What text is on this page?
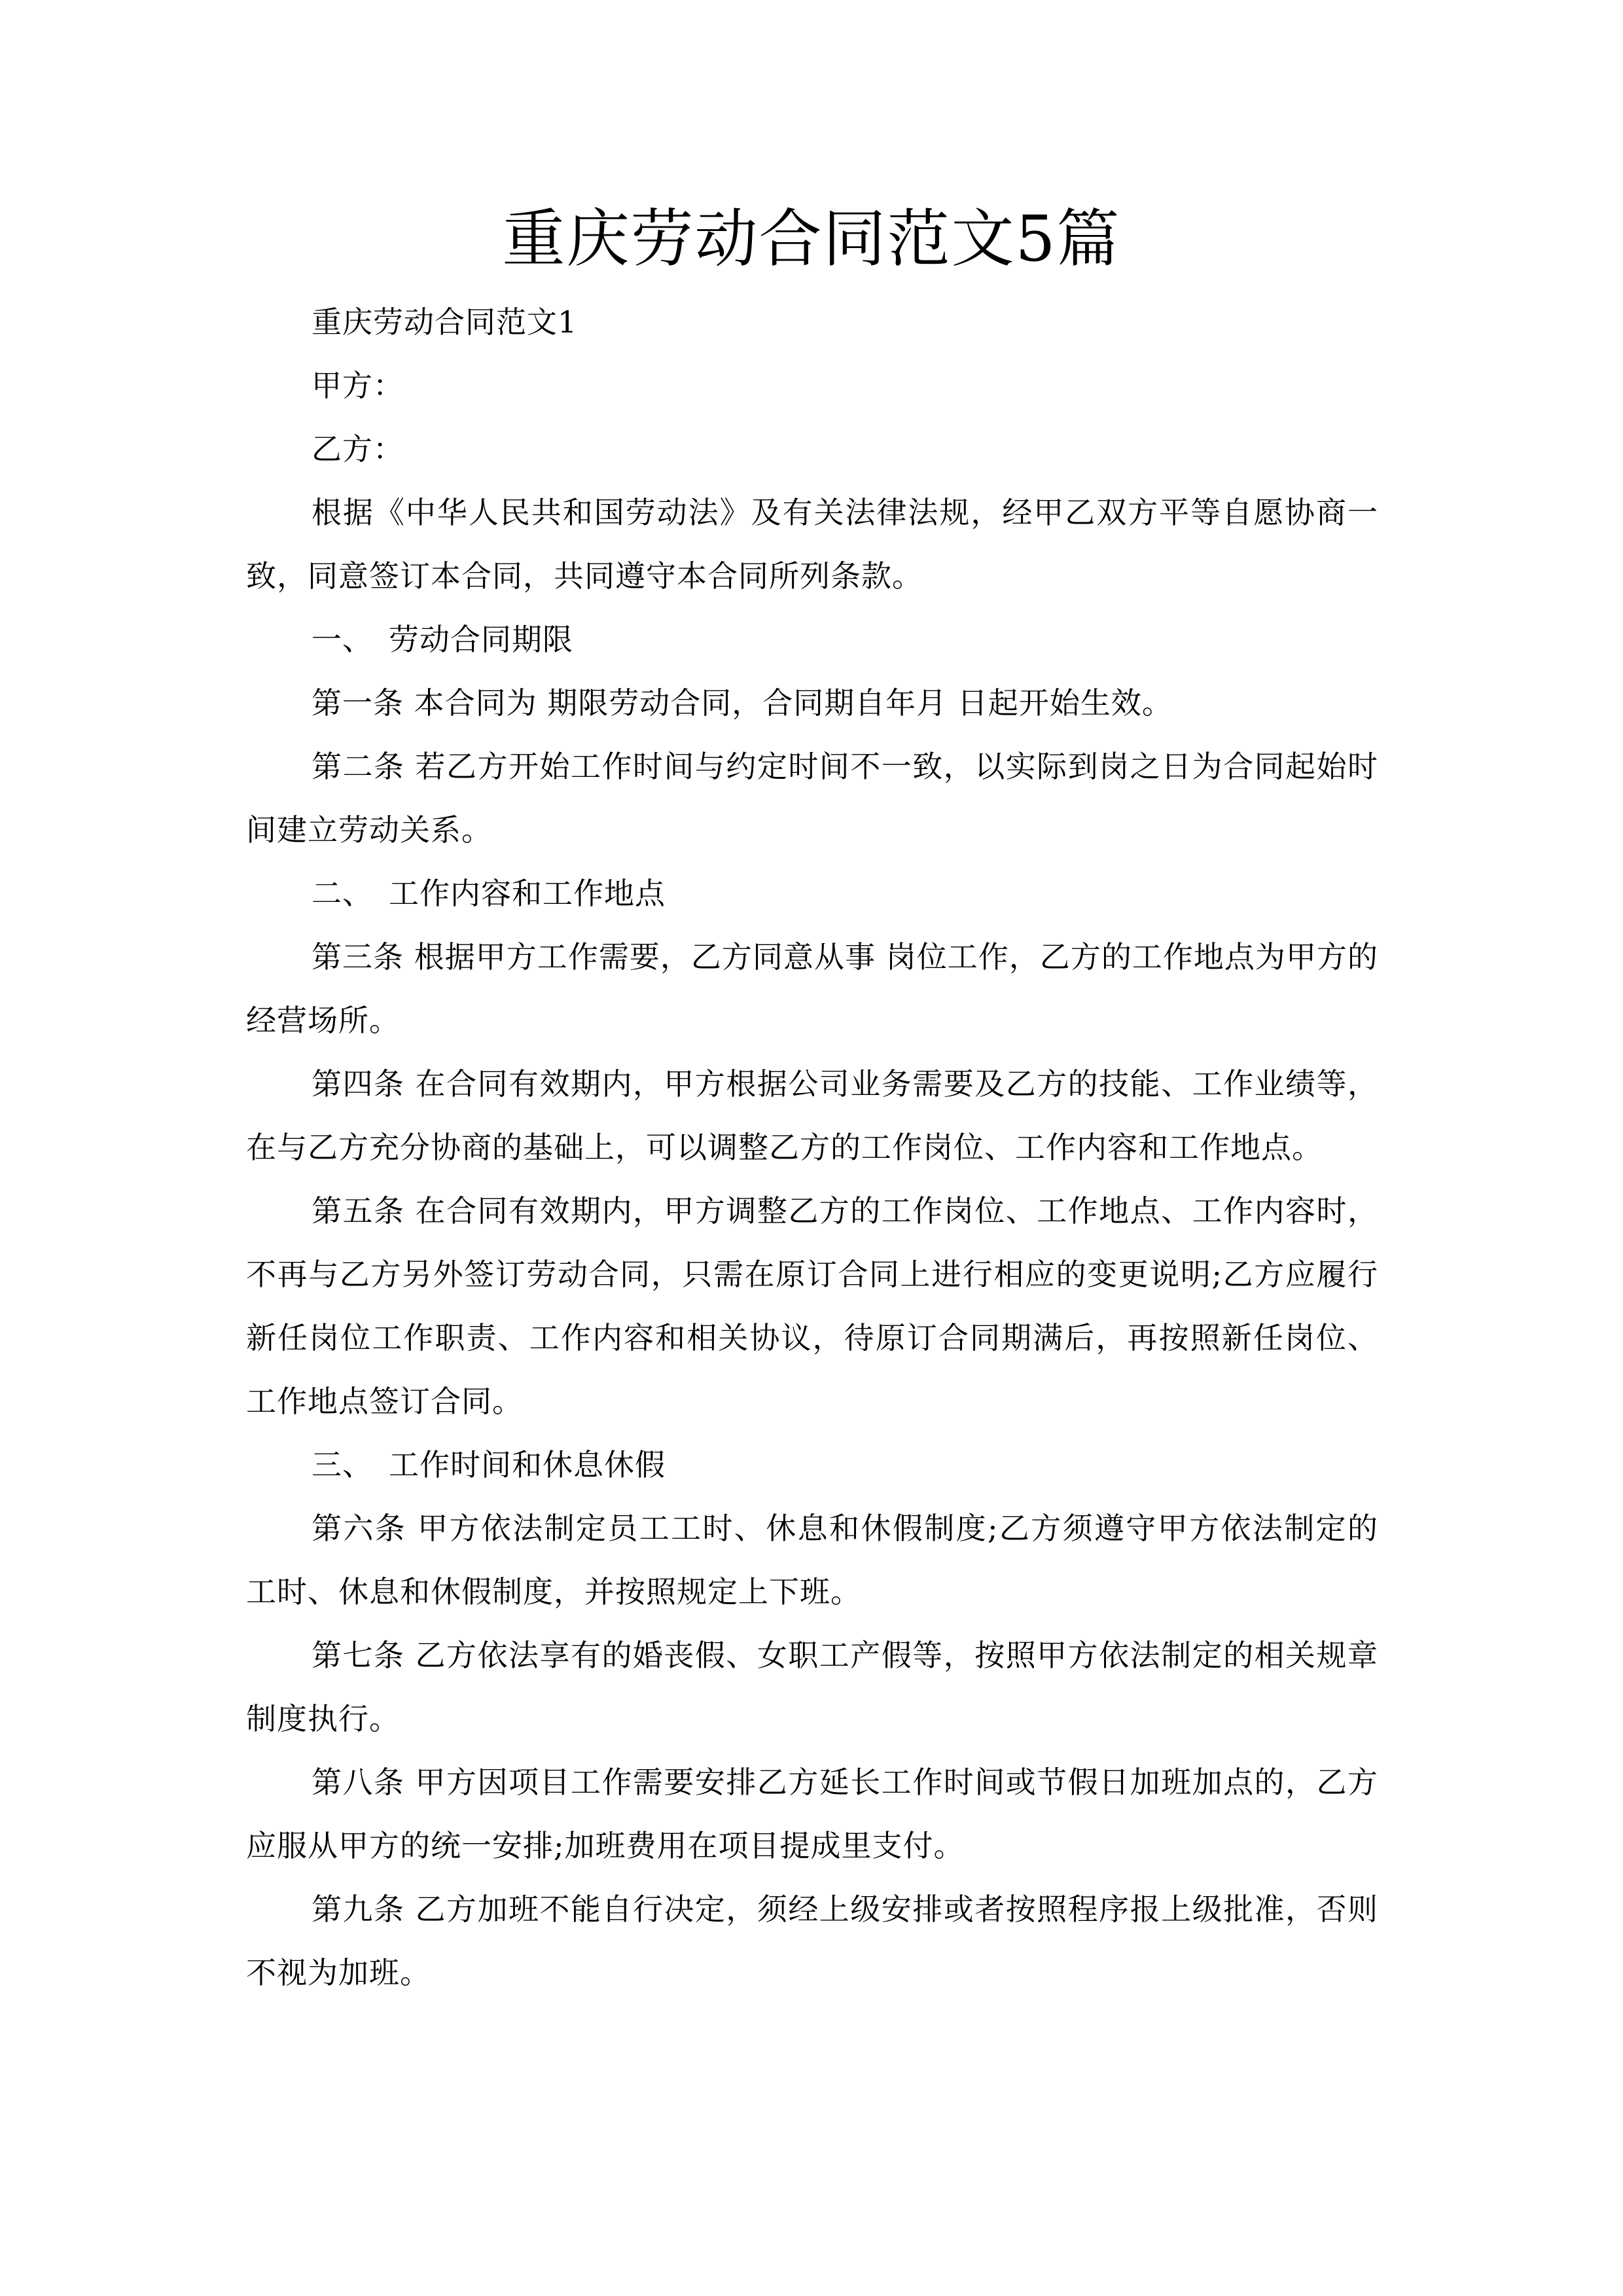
重庆劳动合同范文5篇

重庆劳动合同范文1

甲方：

乙方：

根据《中华人民共和国劳动法》及有关法律法规，经甲乙双方平等自愿协商一致，同意签订本合同，共同遵守本合同所列条款。

一、　劳动合同期限

第一条 本合同为 期限劳动合同，合同期自年月 日起开始生效。

第二条 若乙方开始工作时间与约定时间不一致，以实际到岗之日为合同起始时间建立劳动关系。

二、　工作内容和工作地点

第三条 根据甲方工作需要，乙方同意从事 岗位工作，乙方的工作地点为甲方的经营场所。

第四条 在合同有效期内，甲方根据公司业务需要及乙方的技能、工作业绩等，在与乙方充分协商的基础上，可以调整乙方的工作岗位、工作内容和工作地点。

第五条 在合同有效期内，甲方调整乙方的工作岗位、工作地点、工作内容时，不再与乙方另外签订劳动合同，只需在原订合同上进行相应的变更说明;乙方应履行新任岗位工作职责、工作内容和相关协议，待原订合同期满后，再按照新任岗位、工作地点签订合同。

三、　工作时间和休息休假

第六条 甲方依法制定员工工时、休息和休假制度;乙方须遵守甲方依法制定的工时、休息和休假制度，并按照规定上下班。

第七条 乙方依法享有的婚丧假、女职工产假等，按照甲方依法制定的相关规章制度执行。

第八条 甲方因项目工作需要安排乙方延长工作时间或节假日加班加点的，乙方应服从甲方的统一安排;加班费用在项目提成里支付。

第九条 乙方加班不能自行决定，须经上级安排或者按照程序报上级批准，否则不视为加班。
